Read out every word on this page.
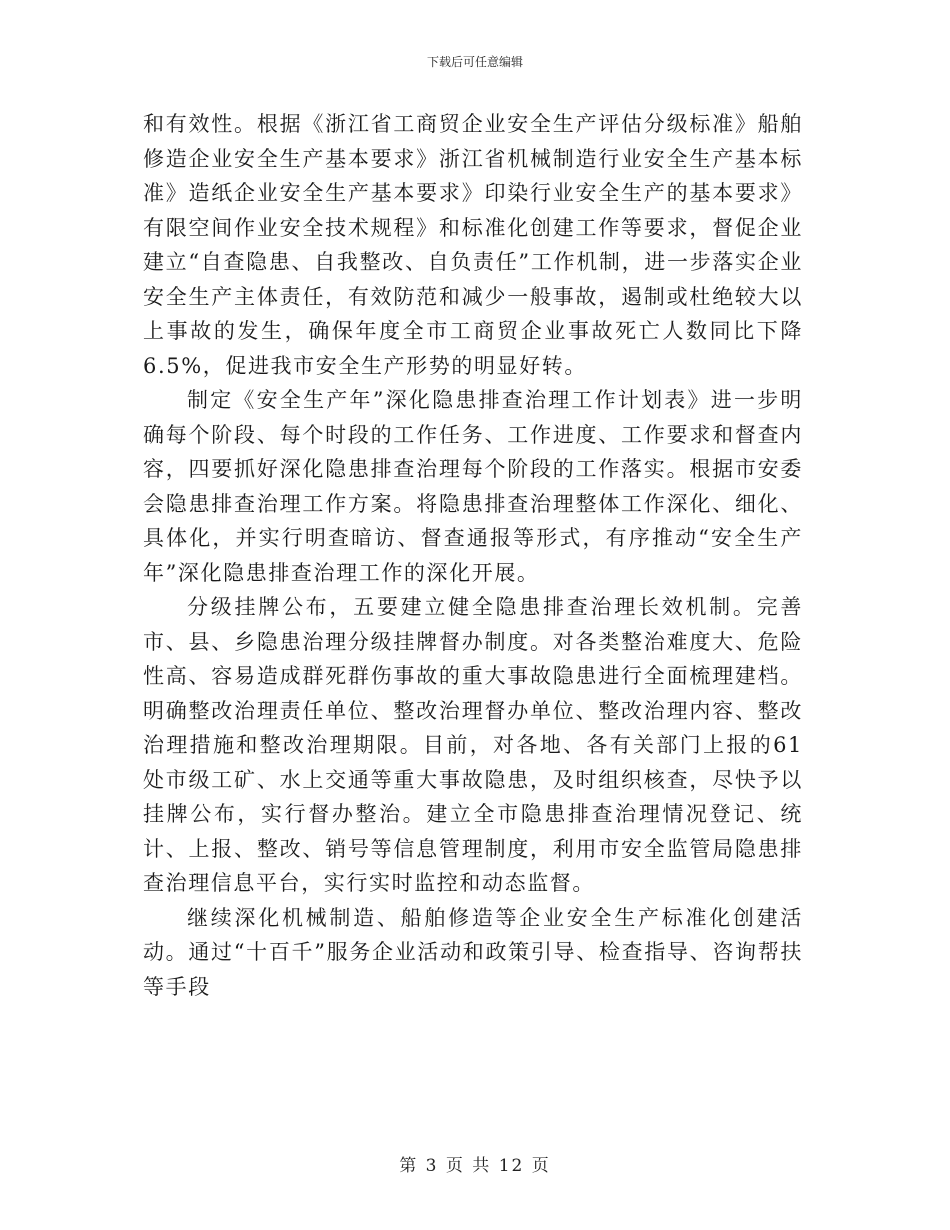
下载后可任意编辑

和有效性。根据《浙江省工商贸企业安全生产评估分级标准》船舶修造企业安全生产基本要求》浙江省机械制造行业安全生产基本标准》造纸企业安全生产基本要求》印染行业安全生产的基本要求》有限空间作业安全技术规程》和标准化创建工作等要求，督促企业建立“自查隐患、自我整改、自负责任”工作机制，进一步落实企业安全生产主体责任，有效防范和减少一般事故，遏制或杜绝较大以上事故的发生，确保年度全市工商贸企业事故死亡人数同比下降6.5%，促进我市安全生产形势的明显好转。

制定《安全生产年”深化隐患排查治理工作计划表》进一步明确每个阶段、每个时段的工作任务、工作进度、工作要求和督查内容，四要抓好深化隐患排查治理每个阶段的工作落实。根据市安委会隐患排查治理工作方案。将隐患排查治理整体工作深化、细化、具体化，并实行明查暗访、督查通报等形式，有序推动“安全生产年”深化隐患排查治理工作的深化开展。

分级挂牌公布，五要建立健全隐患排查治理长效机制。完善市、县、乡隐患治理分级挂牌督办制度。对各类整治难度大、危险性高、容易造成群死群伤事故的重大事故隐患进行全面梳理建档。明确整改治理责任单位、整改治理督办单位、整改治理内容、整改治理措施和整改治理期限。目前，对各地、各有关部门上报的61处市级工矿、水上交通等重大事故隐患，及时组织核查，尽快予以挂牌公布，实行督办整治。建立全市隐患排查治理情况登记、统计、上报、整改、销号等信息管理制度，利用市安全监管局隐患排查治理信息平台，实行实时监控和动态监督。

继续深化机械制造、船舶修造等企业安全生产标准化创建活动。通过“十百千”服务企业活动和政策引导、检查指导、咨询帮扶等手段

第 3 页 共 12 页
